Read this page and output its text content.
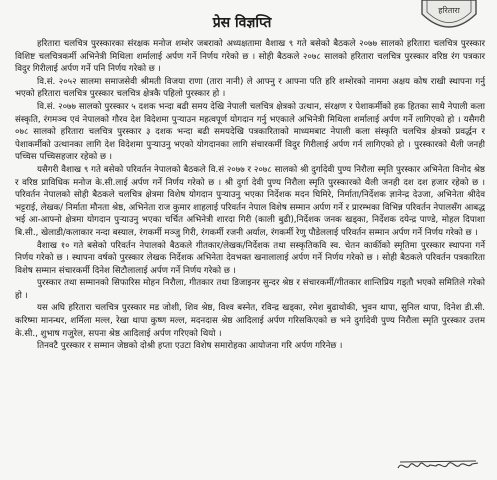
प्रेस विज्ञप्ति
हरितारा

हरितारा चलचित्र पुरस्कारका संरक्षक मनोज शम्शेर जबराको अध्यक्षतामा वैशाख ९ गते बसेको बैठकले २०७७ सालको हरितारा चलचित्र पुरस्कार विशिष्ट चलचित्रकर्मी अभिनेत्री मिथिला शर्मालाई अर्पण गर्ने निर्णय गरेको छ । सोही बैठकले २०७८ सालको हरितारा चलचित्र पुरस्कार वरिष्ठ रंग पत्रकार विदुर गिरीलाई अर्पण गर्ने पनि निर्णय गरेको छ ।

वि.सं. २०५२ सालमा समाजसेवी श्रीमती विजया राणा (तारा नानी) ले आफ्नु र आफ्ना पति हरि शम्शेरको नाममा अक्षय कोष राखी स्थापना गर्नु भएको हरितारा चलचित्र पुरस्कार चलचित्र क्षेत्रकै पहिलो पुरस्कार हो ।

वि.सं. २०७७ सालको पुरस्कार ५ दशक भन्दा बढी समय देखि नेपाली चलचित्र क्षेत्रको उत्थान, संरक्षण र पेशाकर्मीको हक हितका साथै नेपाली कला संस्कृति, रंगमञ्च एवं नेपालको गौरव देश विदेशमा पुऱ्याउन महत्वपूर्ण योगदान गर्नु भएकाले अभिनेत्री मिथिला शर्मालाई अर्पण गर्ने लागिएको हो । यसैगरी ०७८ सालको हरितारा चलचित्र पुरस्कार ३ दशक भन्दा बढी समयदेखि पत्रकारिताको माध्यमबाट नेपाली कला संस्कृति चलचित्र क्षेत्रको प्रवर्द्धन र पेशाकर्मीको उत्थानका लागि देश विदेशमा पुऱ्याउनु भएको योगदानका लागि संचारकर्मी विदुर गिरीलाई अर्पण गर्न लागिएको हो । पुरस्कारको थैली जनही पच्चिस पच्चिसहजार रहेको छ ।

यसैगरी वैशाख ९ गते बसेको परिवर्तन नेपालको बैठकले वि.सं २०७७ र २०७८ सालको श्री दुर्गादेवी पुण्य निरौला स्मृति पुरस्कार अभिनेता विनोद श्रेष्ठ र वरिष्ठ प्राविधिक मनोज के.सी.लाई अर्पण गर्ने निर्णय गरेको छ । श्री दुर्गा देवी पुण्य निरौला स्मृति पुरस्कारको थैली जनही दश दश हजार रहेको छ । परिवर्तन नेपालको सोही बैठकले चलचित्र क्षेत्रमा विशेष योगदान पुऱ्याउनु भएका निर्देशक मदन घिमिरे, निर्माता/निर्देशक ज्ञानेन्द्र देउजा, अभिनेता श्रीदेव भट्टराई, लेखक/ निर्माता मौनता श्रेष्ठ, अभिनेता राज कुमार शाहलाई परिवर्तन नेपाल विशेष सम्मान अर्पण गर्ने र प्रारम्भका विभिन्न परिवर्तन नेपालसँग आबद्ध भई आ-आफ्नो क्षेत्रमा योगदान पुऱ्याउनु भएका चर्चित अभिनेत्री शारदा गिरी (काली बुढी),निर्देशक जनक खड्का, निर्देशक दयेन्द्र पाण्डे, मोहल दिपाशा बि.सी., खेलाडी/कलाकार नन्दा बस्याल, रंगकर्मी मञ्जु गिरी, रंगकर्मी रजनी अर्याल, रंगकर्मी रेणु पौडेललाई परिवर्तन सम्मान अर्पण गर्ने निर्णय गरेको छ ।

वैशाख १० गते बसेको परिवर्तन नेपालको बैठकले गीतकार/लेखक/निर्देशक तथा सस्कृतिकवि स्व. चेतन कार्कीको स्मृतिमा पुरस्कार स्थापना गर्ने निर्णय गरेको छ । स्थापना वर्षको पुरस्कार लेखक निर्देशक अभिनेता देवभक्त खनालालाई अर्पण गर्ने निर्णय गरेको छ । सोही बैठकले परिवर्तन पत्रकारिता विशेष सम्मान संचारकर्मी दिनेश सिटौलालाई अर्पण गर्ने निर्णय गरेको छ ।

पुरस्कार तथा सम्मानको सिफारिस मोहन निरौला, गीतकार तथा डिजाइनर सुन्दर श्रेष्ठ र संचारकर्मी/गीतकार शान्तिप्रिय गड्तौ भएको समितिले गरेको हो ।

यस अघि हरितारा चलचित्र पुरस्कार मड जोशी, शिव श्रेष्ठ, विश्व बस्नेत, रविन्द्र खड्का, रमेश बुढाथोकी, भुवन थापा, सुनिल थापा, दिनेश डी.सी. करिष्मा मानन्धर, शर्मिला मल्ल, रेखा थापा कुष्ण मल्ल, मदनदास श्रेष्ठ आदिलाई अर्पण गरिसकिएको छ भने दुर्गादेवी पुण्य निरौला स्मृति पुरस्कार उत्तम के.सी., शुभाष गजुरेल, सपना श्रेष्ठ आदिलाई अर्पण गरिएको थियो ।

तिनवटै पुरस्कार र सम्मान जेष्ठको दोश्री हप्ता एउटा विशेष समारोहका आयोजना गरि अर्पण गरिनेछ ।
